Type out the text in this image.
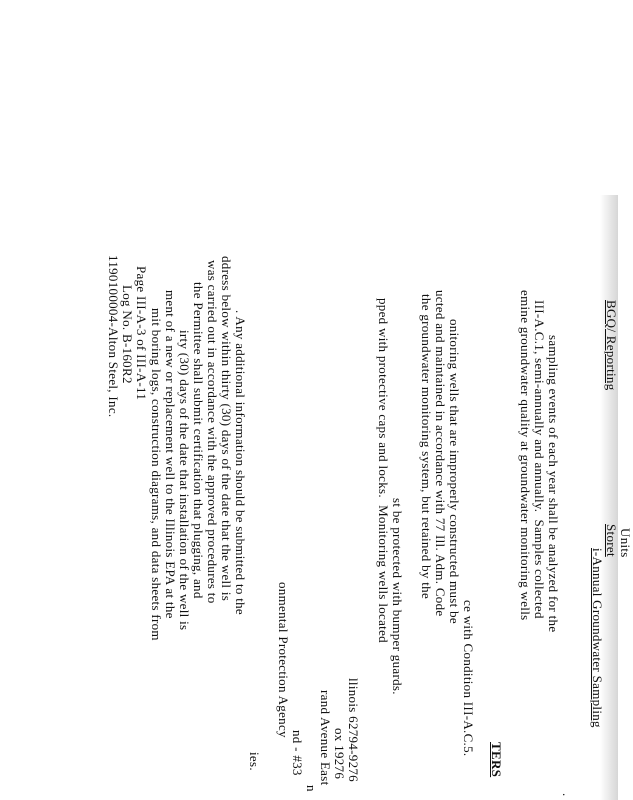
1190100004-Alton Steel, Inc. Log No. B-160R2 Page III-A-3 of III-A-11 mit boring logs, construction diagrams, and data sheets from ment of a new or replacement well to the Illinois EPA at the irty (30) days of the date that installation of the well is the Permittee shall submit certification that plugging, and was carried out in accordance with the approved procedures to ddress below within thirty (30) days of the date that the well is . Any additional information should be submitted to the
ies.
onmental Protection Agency
nd - #33
n
rand Avenue East ox 19276 llinois 62794-9276
pped with protective caps and locks.  Monitoring wells located st be protected with bumper guards. the groundwater monitoring system, but retained by the ucted and maintained in accordance with 77 Ill. Adm. Code onitoring wells that are improperly constructed must be
ce with Condition III-A.C.5.
TERS
emine groundwater quality at groundwater monitoring wells III-A.C.1, semi-annually and annually.  Samples collected sampling events of each year shall be analyzed for the
.
i-Annual Groundwater Sampling
Storet Units
BGQ/ Reporting
